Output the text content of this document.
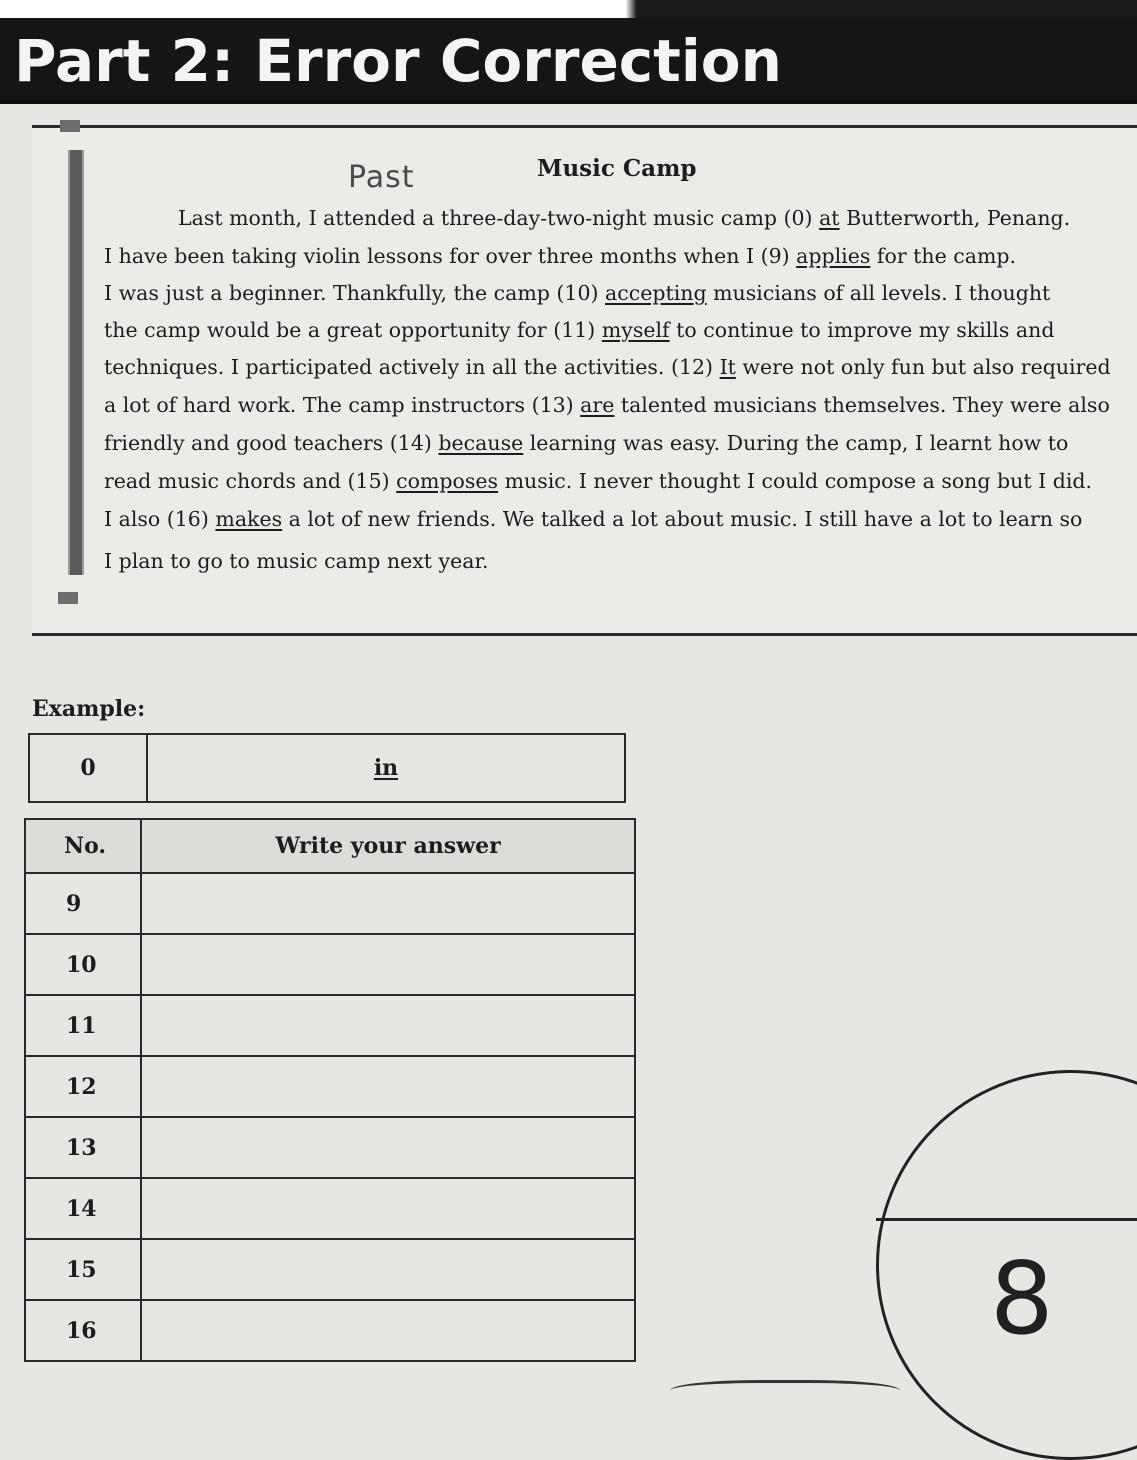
Part 2: Error Correction
Past	Music Camp
Last month, I attended a three-day-two-night music camp (0) at Butterworth, Penang.
I have been taking violin lessons for over three months when I (9) applies for the camp.
I was just a beginner. Thankfully, the camp (10) accepting musicians of all levels. I thought
the camp would be a great opportunity for (11) myself to continue to improve my skills and
techniques. I participated actively in all the activities. (12) It were not only fun but also required
a lot of hard work. The camp instructors (13) are talented musicians themselves. They were also
friendly and good teachers (14) because learning was easy. During the camp, I learnt how to
read music chords and (15) composes music. I never thought I could compose a song but I did.
I also (16) makes a lot of new friends. We talked a lot about music. I still have a lot to learn so
I plan to go to music camp next year.
Example:
0	in
No.	Write your answer
9	
10	
11	
12	
13	
14	
15	
16		8
